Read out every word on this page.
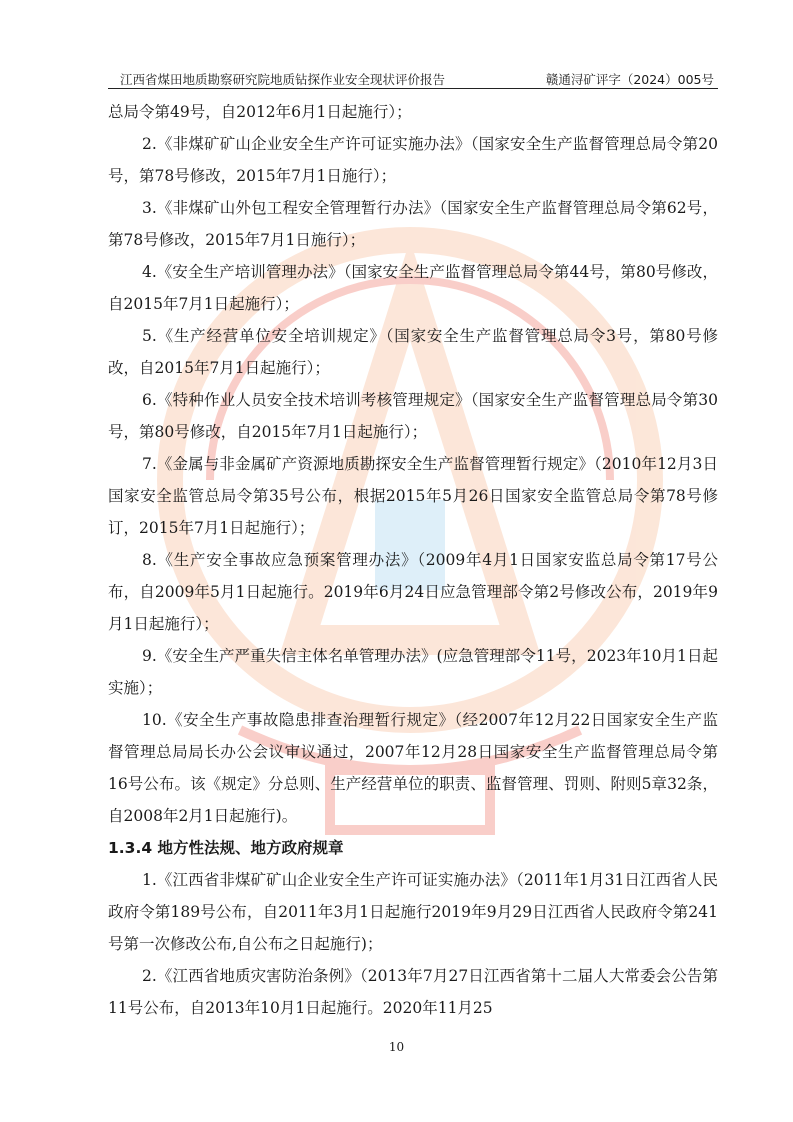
江西省煤田地质勘察研究院地质钻探作业安全现状评价报告	赣通浔矿评字（2024）005号

总局令第49号，自2012年6月1日起施行）；

2.《非煤矿矿山企业安全生产许可证实施办法》（国家安全生产监督管理总局令第20号，第78号修改，2015年7月1日施行）；

3.《非煤矿山外包工程安全管理暂行办法》（国家安全生产监督管理总局令第62号，第78号修改，2015年7月1日施行）；

4.《安全生产培训管理办法》（国家安全生产监督管理总局令第44号，第80号修改，自2015年7月1日起施行）；

5.《生产经营单位安全培训规定》（国家安全生产监督管理总局令3号，第80号修改，自2015年7月1日起施行）；

6.《特种作业人员安全技术培训考核管理规定》（国家安全生产监督管理总局令第30号，第80号修改，自2015年7月1日起施行）；

7.《金属与非金属矿产资源地质勘探安全生产监督管理暂行规定》（2010年12月3日国家安全监管总局令第35号公布，根据2015年5月26日国家安全监管总局令第78号修订，2015年7月1日起施行）；

8.《生产安全事故应急预案管理办法》（2009年4月1日国家安监总局令第17号公布，自2009年5月1日起施行。2019年6月24日应急管理部令第2号修改公布，2019年9月1日起施行）；

9.《安全生产严重失信主体名单管理办法》(应急管理部令11号，2023年10月1日起实施）；

10.《安全生产事故隐患排查治理暂行规定》（经2007年12月22日国家安全生产监督管理总局局长办公会议审议通过，2007年12月28日国家安全生产监督管理总局令第16号公布。该《规定》分总则、生产经营单位的职责、监督管理、罚则、附则5章32条，自2008年2月1日起施行)。

1.3.4 地方性法规、地方政府规章

1.《江西省非煤矿矿山企业安全生产许可证实施办法》（2011年1月31日江西省人民政府令第189号公布，自2011年3月1日起施行2019年9月29日江西省人民政府令第241号第一次修改公布,自公布之日起施行)；

2.《江西省地质灾害防治条例》（2013年7月27日江西省第十二届人大常委会公告第11号公布，自2013年10月1日起施行。2020年11月25

10
